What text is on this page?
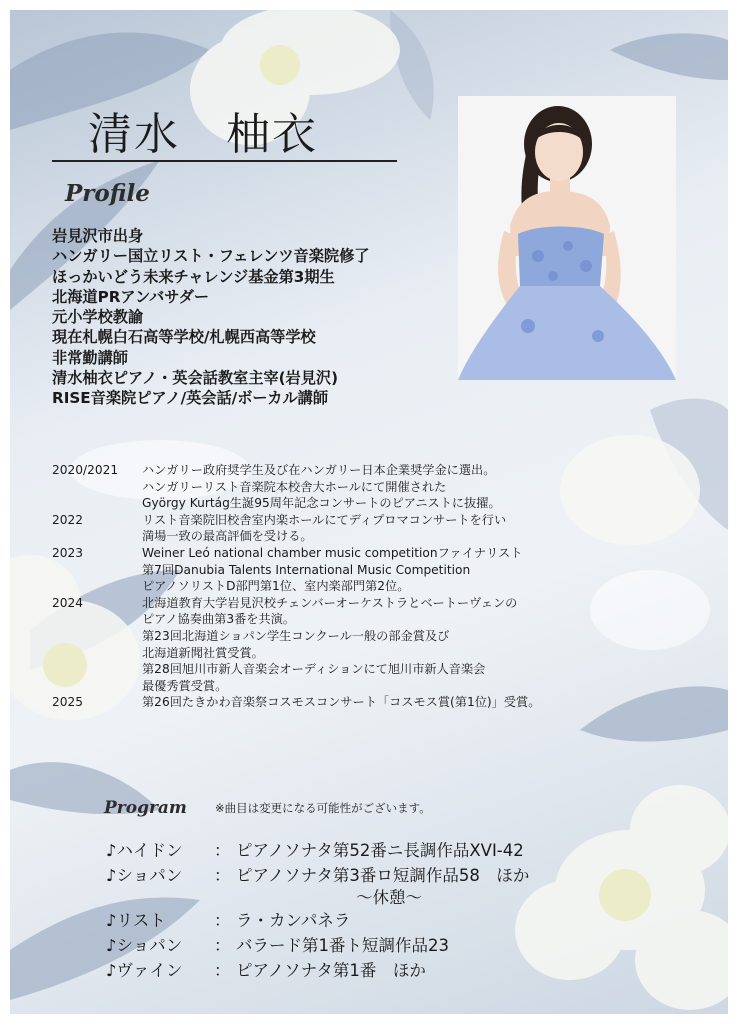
清水　柚衣
Profile
岩見沢市出身
ハンガリー国立リスト・フェレンツ音楽院修了
ほっかいどう未来チャレンジ基金第3期生
北海道PRアンバサダー
元小学校教諭
現在札幌白石高等学校/札幌西高等学校
非常勤講師
清水柚衣ピアノ・英会話教室主宰(岩見沢)
RISE音楽院ピアノ/英会話/ボーカル講師
2020/2021	ハンガリー政府奨学生及び在ハンガリー日本企業奨学金に選出。
ハンガリーリスト音楽院本校舎大ホールにて開催された
György Kurtág生誕95周年記念コンサートのピアニストに抜擢。
2022	リスト音楽院旧校舎室内楽ホールにてディプロマコンサートを行い
満場一致の最高評価を受ける。
2023	Weiner Leó national chamber music competitionファイナリスト
第7回Danubia Talents International Music Competition
ピアノソリストD部門第1位、室内楽部門第2位。
2024	北海道教育大学岩見沢校チェンバーオーケストラとベートーヴェンの
ピアノ協奏曲第3番を共演。
第23回北海道ショパン学生コンクール一般の部金賞及び
北海道新聞社賞受賞。
第28回旭川市新人音楽会オーディションにて旭川市新人音楽会
最優秀賞受賞。
2025	第26回たきかわ音楽祭コスモスコンサート「コスモス賞(第1位)」受賞。
Program ※曲目は変更になる可能性がございます。
♪ハイドン	： ピアノソナタ第52番ニ長調作品XVI-42
♪ショパン	： ピアノソナタ第3番ロ短調作品58　ほか
～休憩～
♪リスト	： ラ・カンパネラ
♪ショパン	： バラード第1番ト短調作品23
♪ヴァイン	： ピアノソナタ第1番　ほか
